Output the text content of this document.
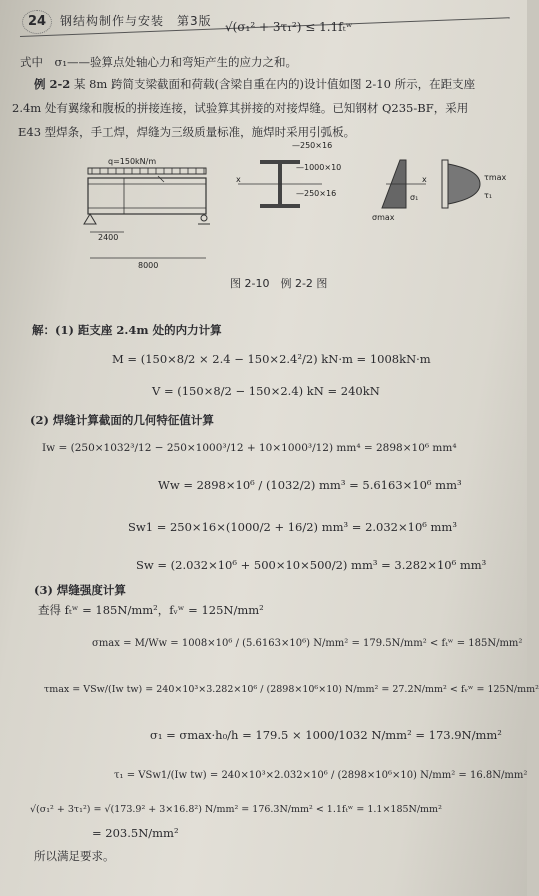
24	钢结构制作与安装　第3版 √(σ₁² + 3τ₁²) ≤ 1.1fₜʷ
式中　σ₁——验算点处轴心力和弯矩产生的应力之和。
例 2-2 某 8m 跨简支梁截面和荷载(含梁自重在内的)设计值如图 2-10 所示，在距支座
2.4m 处有翼缘和腹板的拼接连接，试验算其拼接的对接焊缝。已知钢材 Q235-BF，采用
E43 型焊条，手工焊，焊缝为三级质量标准，施焊时采用引弧板。
q=150kN/m
2400
8000
x
—250×16
—1000×10
—250×16
x
σ₁
σmax
τmax
τ₁
图 2-10　例 2-2 图
解：(1) 距支座 2.4m 处的内力计算
M = (150×8/2 × 2.4 − 150×2.4²/2) kN·m = 1008kN·m
V = (150×8/2 − 150×2.4) kN = 240kN
(2) 焊缝计算截面的几何特征值计算
Iw = (250×1032³/12 − 250×1000³/12 + 10×1000³/12) mm⁴ = 2898×10⁶ mm⁴
Ww = 2898×10⁶ / (1032/2) mm³ = 5.6163×10⁶ mm³
Sw1 = 250×16×(1000/2 + 16/2) mm³ = 2.032×10⁶ mm³
Sw = (2.032×10⁶ + 500×10×500/2) mm³ = 3.282×10⁶ mm³
(3) 焊缝强度计算
查得 fₜʷ = 185N/mm²，fᵥʷ = 125N/mm²
σmax = M/Ww = 1008×10⁶ / (5.6163×10⁶) N/mm² = 179.5N/mm² < fₜʷ = 185N/mm²
τmax = VSw/(Iw tw) = 240×10³×3.282×10⁶ / (2898×10⁶×10) N/mm² = 27.2N/mm² < fᵥʷ = 125N/mm²
σ₁ = σmax·h₀/h = 179.5 × 1000/1032 N/mm² = 173.9N/mm²
τ₁ = VSw1/(Iw tw) = 240×10³×2.032×10⁶ / (2898×10⁶×10) N/mm² = 16.8N/mm²
√(σ₁² + 3τ₁²) = √(173.9² + 3×16.8²) N/mm² = 176.3N/mm² < 1.1fₜʷ = 1.1×185N/mm²
= 203.5N/mm²
所以满足要求。
